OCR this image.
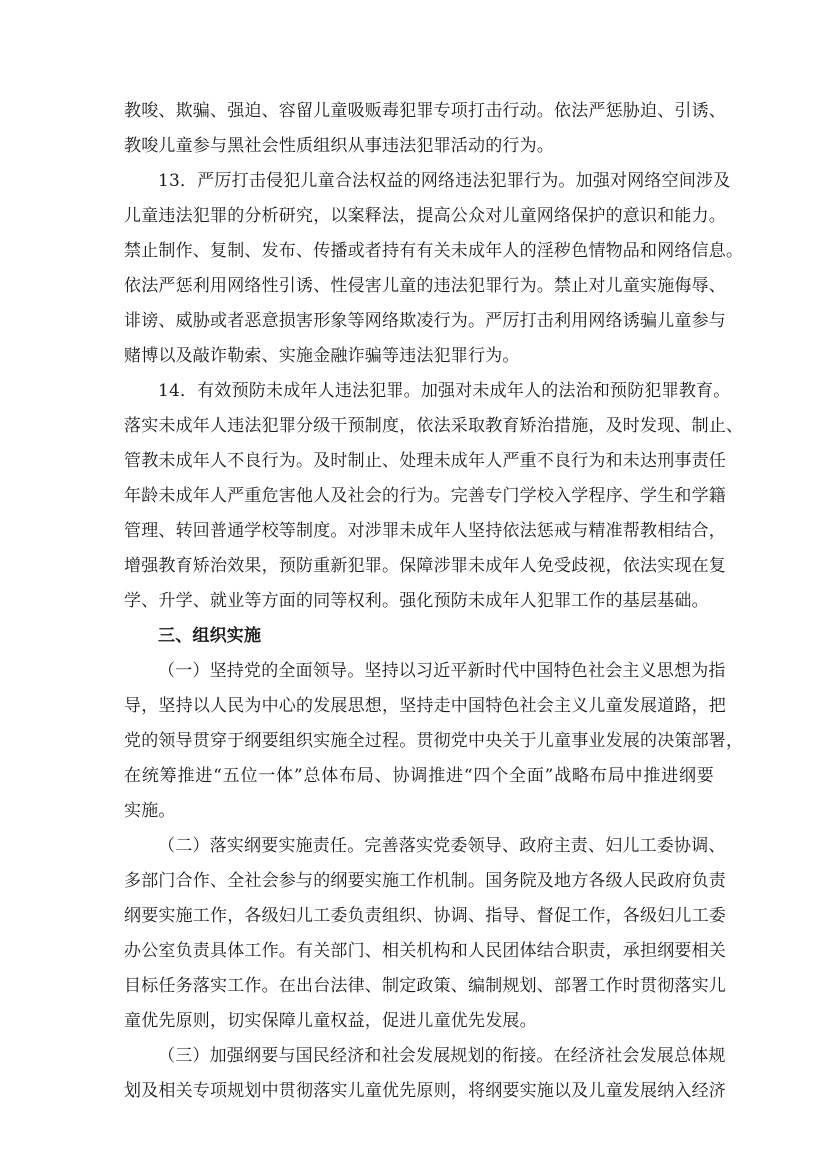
教唆、欺骗、强迫、容留儿童吸贩毒犯罪专项打击行动。依法严惩胁迫、引诱、
教唆儿童参与黑社会性质组织从事违法犯罪活动的行为。
13．严厉打击侵犯儿童合法权益的网络违法犯罪行为。加强对网络空间涉及
儿童违法犯罪的分析研究，以案释法，提高公众对儿童网络保护的意识和能力。
禁止制作、复制、发布、传播或者持有有关未成年人的淫秽色情物品和网络信息。
依法严惩利用网络性引诱、性侵害儿童的违法犯罪行为。禁止对儿童实施侮辱、
诽谤、威胁或者恶意损害形象等网络欺凌行为。严厉打击利用网络诱骗儿童参与
赌博以及敲诈勒索、实施金融诈骗等违法犯罪行为。
14．有效预防未成年人违法犯罪。加强对未成年人的法治和预防犯罪教育。
落实未成年人违法犯罪分级干预制度，依法采取教育矫治措施，及时发现、制止、
管教未成年人不良行为。及时制止、处理未成年人严重不良行为和未达刑事责任
年龄未成年人严重危害他人及社会的行为。完善专门学校入学程序、学生和学籍
管理、转回普通学校等制度。对涉罪未成年人坚持依法惩戒与精准帮教相结合，
增强教育矫治效果，预防重新犯罪。保障涉罪未成年人免受歧视，依法实现在复
学、升学、就业等方面的同等权利。强化预防未成年人犯罪工作的基层基础。
三、组织实施
（一）坚持党的全面领导。坚持以习近平新时代中国特色社会主义思想为指
导，坚持以人民为中心的发展思想，坚持走中国特色社会主义儿童发展道路，把
党的领导贯穿于纲要组织实施全过程。贯彻党中央关于儿童事业发展的决策部署，
在统筹推进“五位一体”总体布局、协调推进“四个全面”战略布局中推进纲要
实施。
（二）落实纲要实施责任。完善落实党委领导、政府主责、妇儿工委协调、
多部门合作、全社会参与的纲要实施工作机制。国务院及地方各级人民政府负责
纲要实施工作，各级妇儿工委负责组织、协调、指导、督促工作，各级妇儿工委
办公室负责具体工作。有关部门、相关机构和人民团体结合职责，承担纲要相关
目标任务落实工作。在出台法律、制定政策、编制规划、部署工作时贯彻落实儿
童优先原则，切实保障儿童权益，促进儿童优先发展。
（三）加强纲要与国民经济和社会发展规划的衔接。在经济社会发展总体规
划及相关专项规划中贯彻落实儿童优先原则，将纲要实施以及儿童发展纳入经济
